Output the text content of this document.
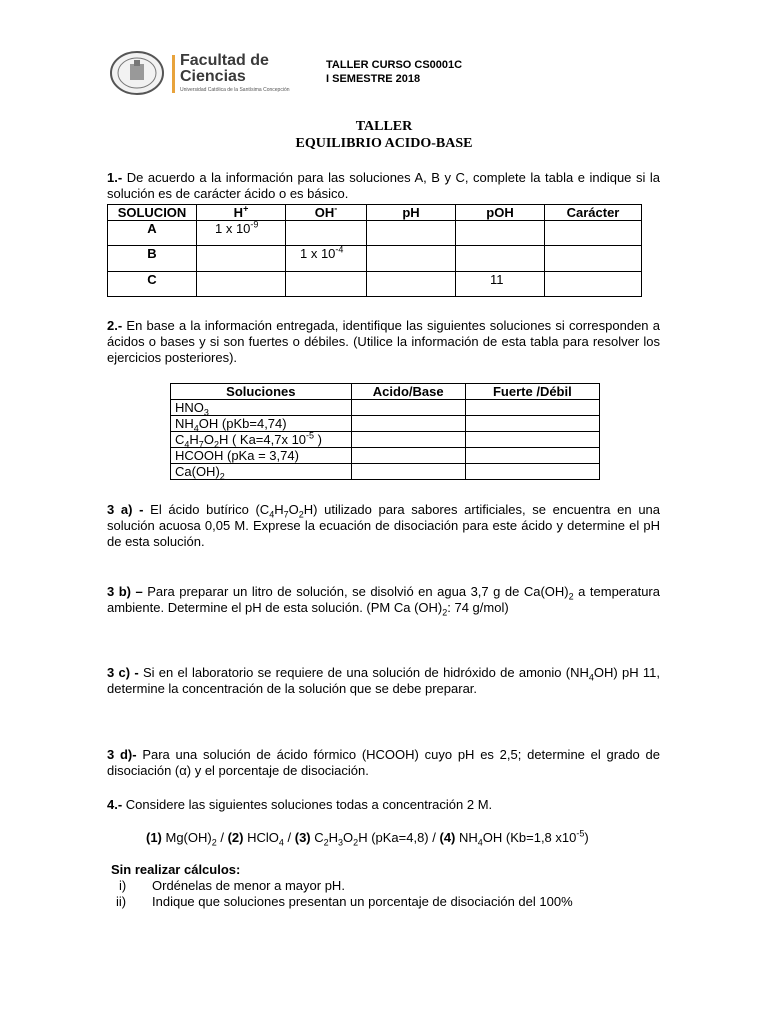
Facultad de
Ciencias
Universidad Católica de la Santísima Concepción
TALLER CURSO CS0001C
I SEMESTRE 2018
TALLER
EQUILIBRIO ACIDO-BASE
1.- De acuerdo a la información para las soluciones A, B y C, complete la tabla e indique si la solución es de carácter ácido o es básico.
SOLUCION	H+	OH-	pH	pOH	Carácter
A	1 x $10^{-9}$				
B		1 x $10^{-4}$			
C				11	
2.- En base a la información entregada, identifique las siguientes soluciones si corresponden a ácidos o bases y si son fuertes o débiles. (Utilice la información de esta tabla para resolver los ejercicios posteriores).
Soluciones	Acido/Base	Fuerte /Débil
$HNO_3$		
$NH_4OH$ (pKb=4,74)		
$C_4H_7O_2H$ ( Ka=4,7x $10^{-5}$ )		
HCOOH (pKa = 3,74)		
$Ca(OH)_2$		
3 a) - El ácido butírico $(C_4H_7O_2H)$ utilizado para sabores artificiales, se encuentra en una solución acuosa 0,05 M. Exprese la ecuación de disociación para este ácido y determine el pH de esta solución.
3 b) – Para preparar un litro de solución, se disolvió en agua 3,7 g de $Ca(OH)_2$ a temperatura ambiente. Determine el pH de esta solución. (PM Ca $(OH)_2$: 74 g/mol)
3 c) - Si en el laboratorio se requiere de una solución de hidróxido de amonio $(NH_4OH)$ pH 11, determine la concentración de la solución que se debe preparar.
3 d)- Para una solución de ácido fórmico (HCOOH) cuyo pH es 2,5; determine el grado de disociación (α) y el porcentaje de disociación.
4.- Considere las siguientes soluciones todas a concentración 2 M.
(1) $Mg(OH)_2 / (2)$ HClO$_4$ / (3) $C_2H_3O_2H$ (pKa=4,8) / (4) $NH_4OH$ (Kb=1,8 $x10^{-5}$)
Sin realizar cálculos:
i) Ordénelas de menor a mayor pH.
ii) Indique que soluciones presentan un porcentaje de disociación del 100%
